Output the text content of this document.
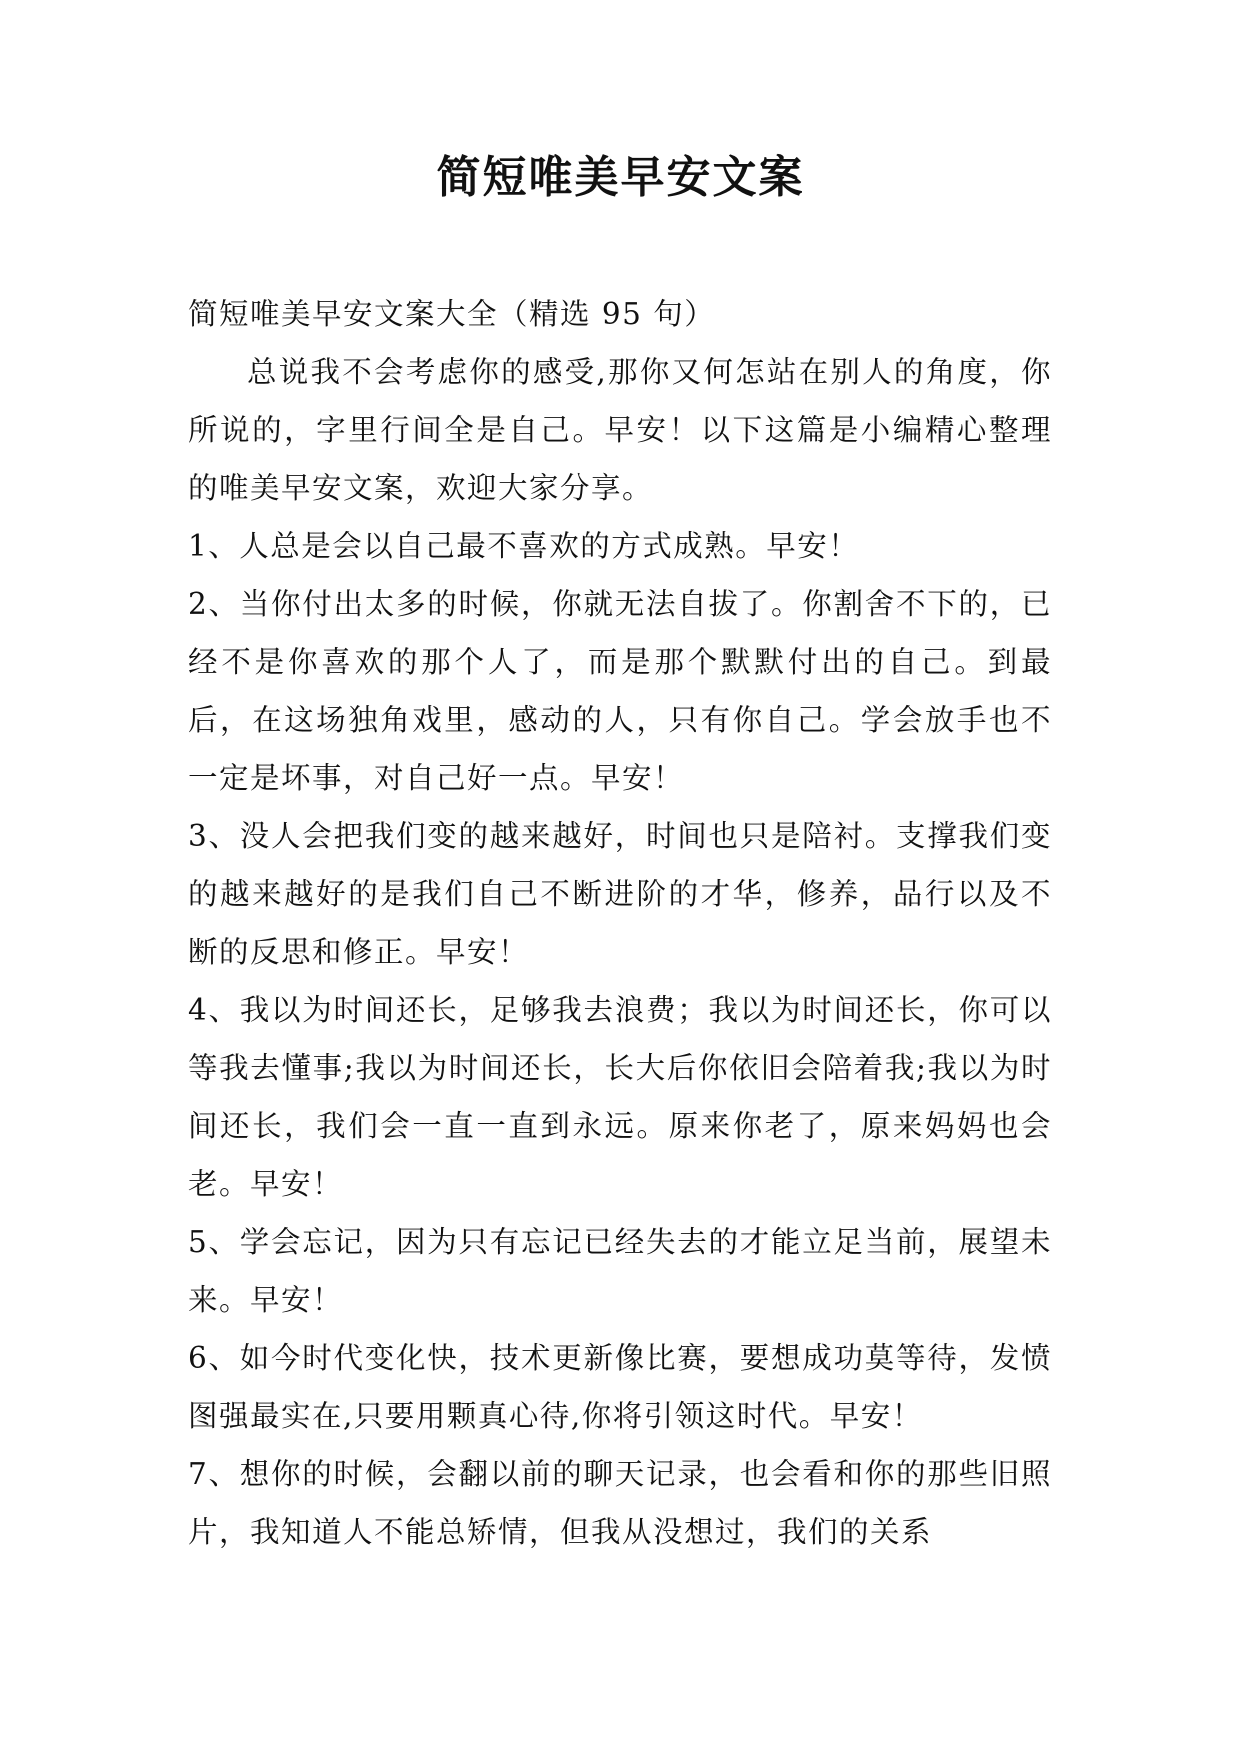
简短唯美早安文案

简短唯美早安文案大全（精选 95 句）

总说我不会考虑你的感受,那你又何怎站在别人的角度，你所说的，字里行间全是自己。早安！以下这篇是小编精心整理的唯美早安文案，欢迎大家分享。

1、人总是会以自己最不喜欢的方式成熟。早安！

2、当你付出太多的时候，你就无法自拔了。你割舍不下的，已经不是你喜欢的那个人了，而是那个默默付出的自己。到最后，在这场独角戏里，感动的人，只有你自己。学会放手也不一定是坏事，对自己好一点。早安！

3、没人会把我们变的越来越好，时间也只是陪衬。支撑我们变的越来越好的是我们自己不断进阶的才华，修养，品行以及不断的反思和修正。早安！

4、我以为时间还长，足够我去浪费；我以为时间还长，你可以等我去懂事;我以为时间还长，长大后你依旧会陪着我;我以为时间还长，我们会一直一直到永远。原来你老了，原来妈妈也会老。早安！

5、学会忘记，因为只有忘记已经失去的才能立足当前，展望未来。早安！

6、如今时代变化快，技术更新像比赛，要想成功莫等待，发愤图强最实在,只要用颗真心待,你将引领这时代。早安！

7、想你的时候，会翻以前的聊天记录，也会看和你的那些旧照片，我知道人不能总矫情，但我从没想过，我们的关系
